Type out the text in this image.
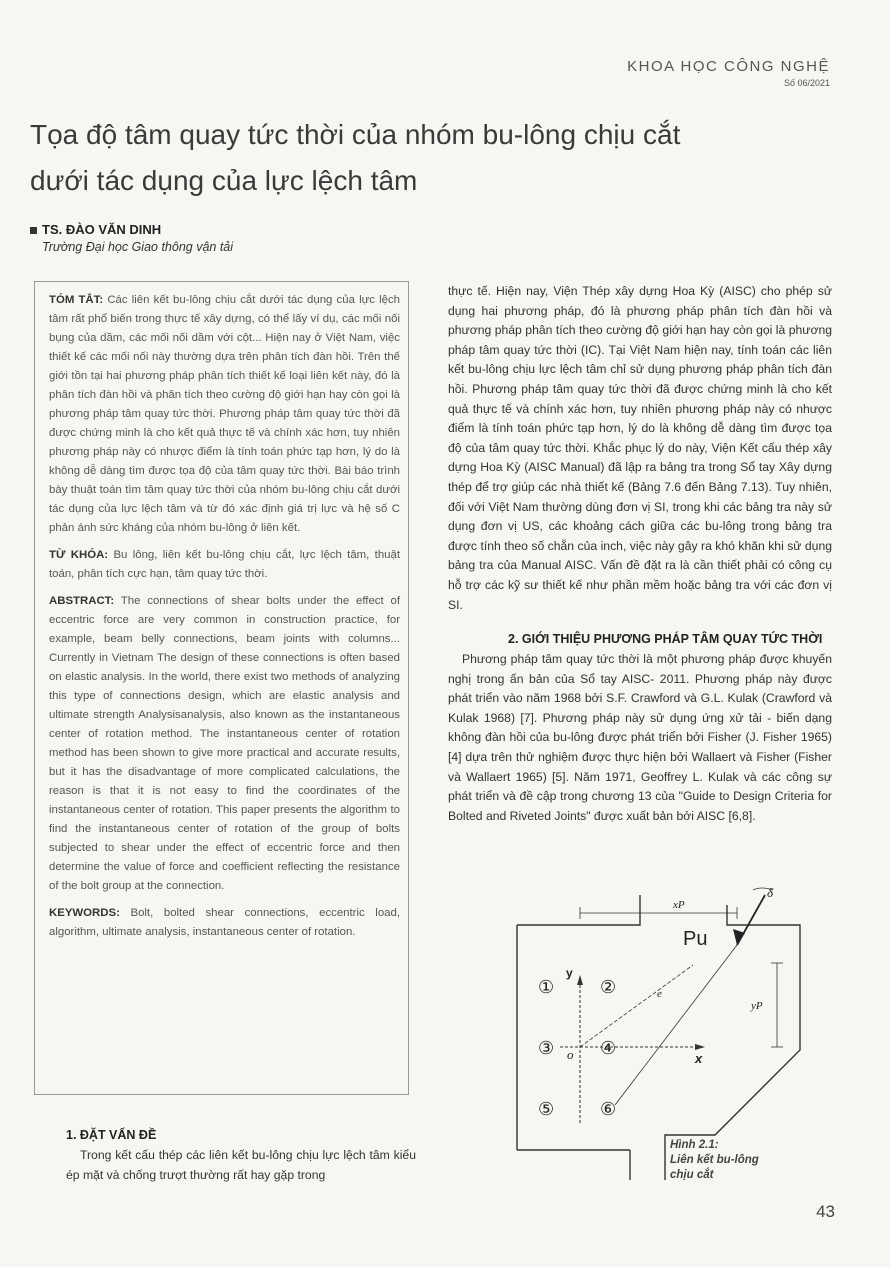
KHOA HỌC CÔNG NGHỆ
Số 06/2021
Tọa độ tâm quay tức thời của nhóm bu-lông chịu cắt
dưới tác dụng của lực lệch tâm
TS. ĐÀO VĂN DINH
Trường Đại học Giao thông vận tải

TÓM TẮT: Các liên kết bu-lông chịu cắt dưới tác dụng của lực lệch tâm rất phổ biến trong thực tế xây dựng, có thể lấy ví dụ, các mối nối bụng của dầm, các mối nối dầm với cột... Hiện nay ở Việt Nam, việc thiết kế các mối nối này thường dựa trên phân tích đàn hồi. Trên thế giới tồn tại hai phương pháp phân tích thiết kế loại liên kết này, đó là phân tích đàn hồi và phân tích theo cường độ giới hạn hay còn gọi là phương pháp tâm quay tức thời. Phương pháp tâm quay tức thời đã được chứng minh là cho kết quả thực tế và chính xác hơn, tuy nhiên phương pháp này có nhược điểm là tính toán phức tạp hơn, lý do là không dễ dàng tìm được tọa độ của tâm quay tức thời. Bài báo trình bày thuật toán tìm tâm quay tức thời của nhóm bu-lông chịu cắt dưới tác dụng của lực lệch tâm và từ đó xác định giá trị lực và hệ số C phản ánh sức kháng của nhóm bu-lông ở liên kết.

TỪ KHÓA: Bu lông, liên kết bu-lông chịu cắt, lực lệch tâm, thuật toán, phân tích cực hạn, tâm quay tức thời.

ABSTRACT: The connections of shear bolts under the effect of eccentric force are very common in construction practice, for example, beam belly connections, beam joints with columns... Currently in Vietnam The design of these connections is often based on elastic analysis. In the world, there exist two methods of analyzing this type of connections design, which are elastic analysis and ultimate strength Analysisanalysis, also known as the instantaneous center of rotation method. The instantaneous center of rotation method has been shown to give more practical and accurate results, but it has the disadvantage of more complicated calculations, the reason is that it is not easy to find the coordinates of the instantaneous center of rotation. This paper presents the algorithm to find the instantaneous center of rotation of the group of bolts subjected to shear under the effect of eccentric force and then determine the value of force and coefficient reflecting the resistance of the bolt group at the connection.

KEYWORDS: Bolt, bolted shear connections, eccentric load, algorithm, ultimate analysis, instantaneous center of rotation.

1. ĐẶT VẤN ĐỀ

Trong kết cấu thép các liên kết bu-lông chịu lực lệch tâm kiểu ép mặt và chống trượt thường rất hay gặp trong

thực tế. Hiện nay, Viện Thép xây dựng Hoa Kỳ (AISC) cho phép sử dụng hai phương pháp, đó là phương pháp phân tích đàn hồi và phương pháp phân tích theo cường độ giới hạn hay còn gọi là phương pháp tâm quay tức thời (IC). Tại Việt Nam hiện nay, tính toán các liên kết bu-lông chịu lực lệch tâm chỉ sử dụng phương pháp phân tích đàn hồi. Phương pháp tâm quay tức thời đã được chứng minh là cho kết quả thực tế và chính xác hơn, tuy nhiên phương pháp này có nhược điểm là tính toán phức tạp hơn, lý do là không dễ dàng tìm được tọa độ của tâm quay tức thời. Khắc phục lý do này, Viện Kết cấu thép xây dựng Hoa Kỳ (AISC Manual) đã lập ra bảng tra trong Sổ tay Xây dựng thép để trợ giúp các nhà thiết kế (Bảng 7.6 đến Bảng 7.13). Tuy nhiên, đối với Việt Nam thường dùng đơn vị SI, trong khi các bảng tra này sử dụng đơn vị US, các khoảng cách giữa các bu-lông trong bảng tra được tính theo số chẵn của inch, việc này gây ra khó khăn khi sử dụng bảng tra của Manual AISC. Vấn đề đặt ra là cần thiết phải có công cụ hỗ trợ các kỹ sư thiết kế như phần mềm hoặc bảng tra với các đơn vị SI.

2. GIỚI THIỆU PHƯƠNG PHÁP TÂM QUAY TỨC THỜI

Phương pháp tâm quay tức thời là một phương pháp được khuyến nghị trong ấn bản của Sổ tay AISC- 2011. Phương pháp này được phát triển vào năm 1968 bởi S.F. Crawford và G.L. Kulak (Crawford và Kulak 1968) [7]. Phương pháp này sử dụng ứng xử tải - biến dạng không đàn hồi của bu-lông được phát triển bởi Fisher (J. Fisher 1965) [4] dựa trên thử nghiệm được thực hiện bởi Wallaert và Fisher (Fisher và Wallaert 1965) [5]. Năm 1971, Geoffrey L. Kulak và các công sự phát triển và đề cập trong chương 13 của "Guide to Design Criteria for Bolted and Riveted Joints" được xuất bản bởi AISC [6,8].

δ
xP
Pu
y
yP
e
o	x
①	②
③	④
⑤	⑥
Hình 2.1:
Liên kết bu-lông
chịu cắt
43
